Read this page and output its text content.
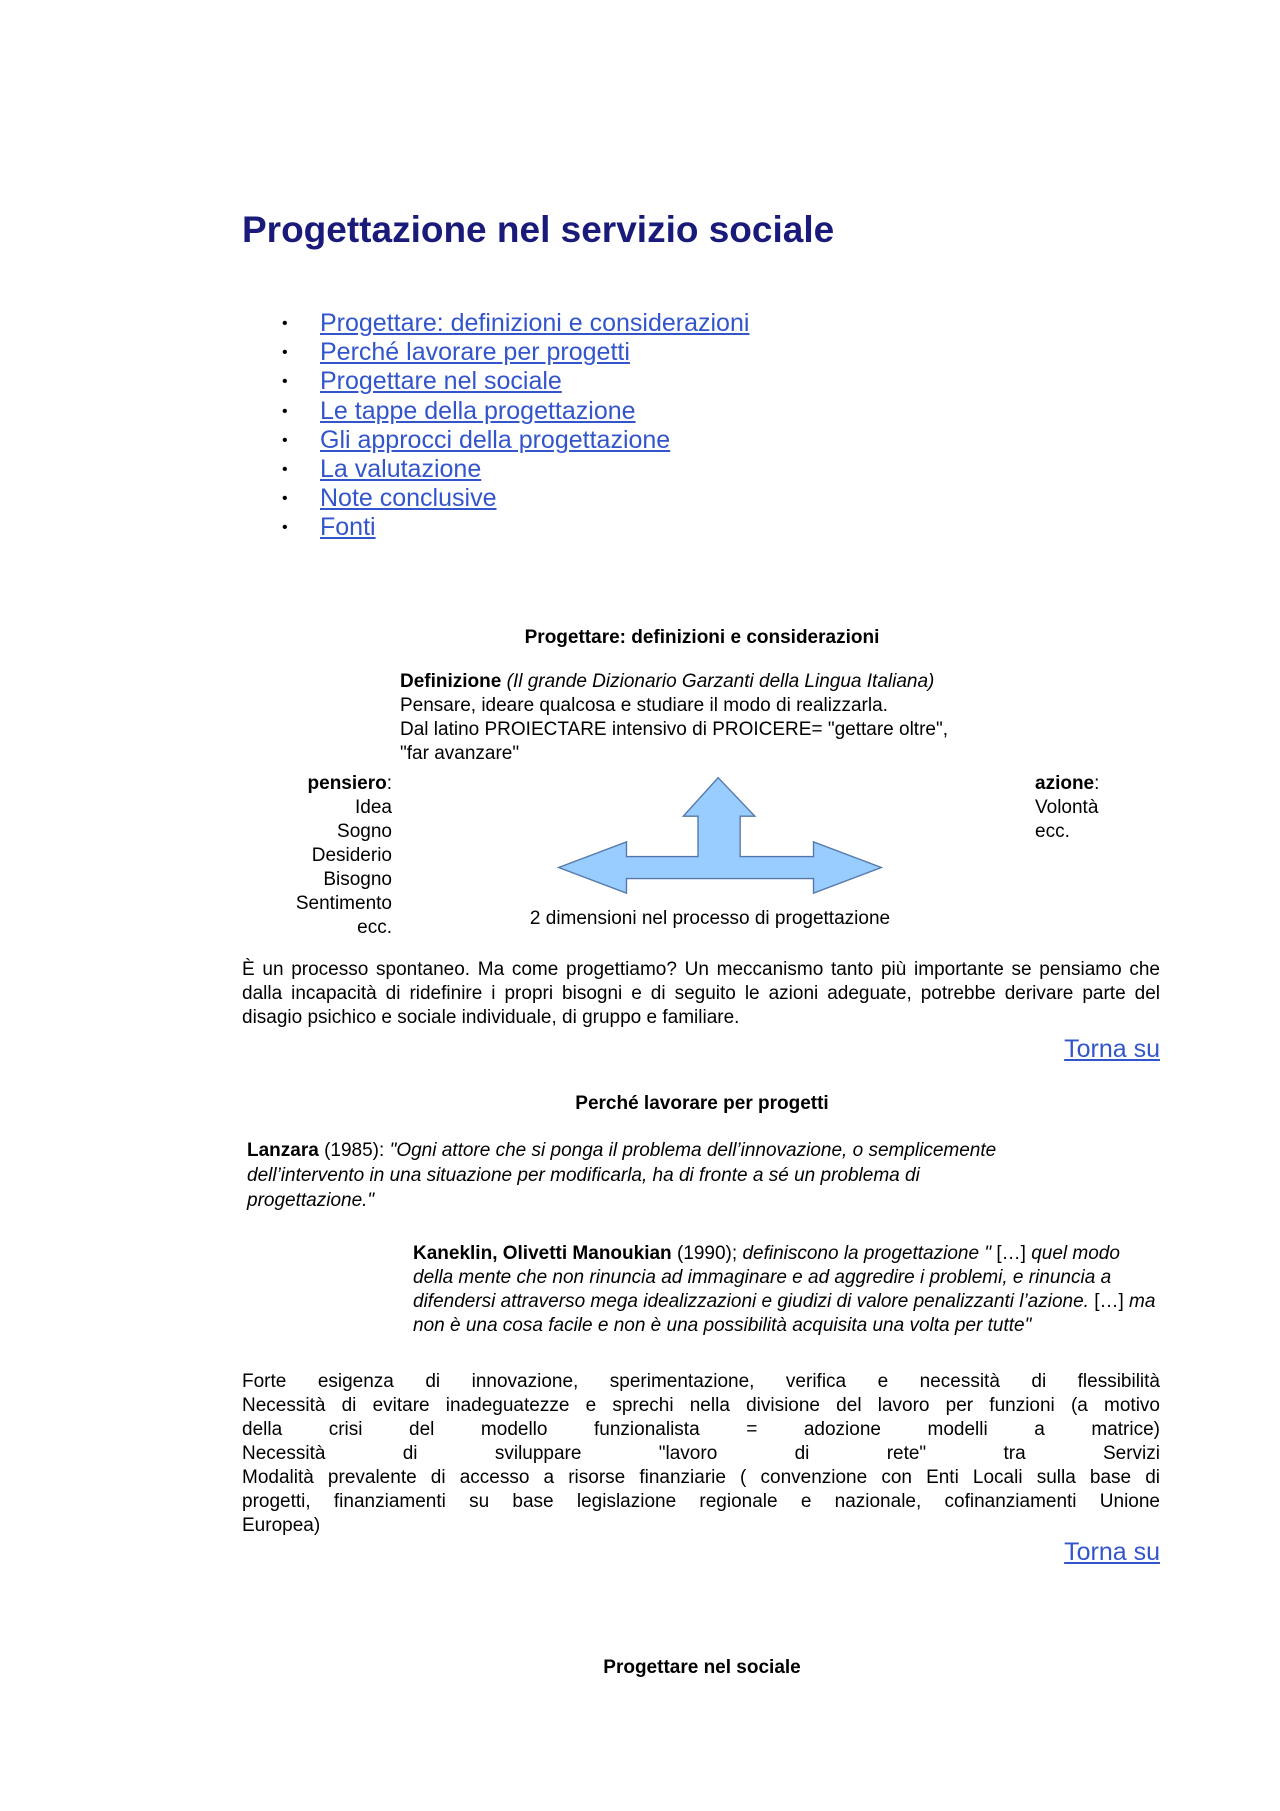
Progettazione nel servizio sociale
• Progettare: definizioni e considerazioni
• Perché lavorare per progetti
• Progettare nel sociale
• Le tappe della progettazione
• Gli approcci della progettazione
• La valutazione
• Note conclusive
• Fonti
Progettare: definizioni e considerazioni
Definizione (Il grande Dizionario Garzanti della Lingua Italiana)
Pensare, ideare qualcosa e studiare il modo di realizzarla.
Dal latino PROIECTARE intensivo di PROICERE= "gettare oltre",
"far avanzare"
pensiero:
Idea
Sogno
Desiderio
Bisogno
Sentimento
ecc.
azione:
Volontà
ecc.
2 dimensioni nel processo di progettazione
È un processo spontaneo. Ma come progettiamo? Un meccanismo tanto più importante se pensiamo che dalla incapacità di ridefinire i propri bisogni e di seguito le azioni adeguate, potrebbe derivare parte del disagio psichico e sociale individuale, di gruppo e familiare.
Torna su
Perché lavorare per progetti
Lanzara (1985): "Ogni attore che si ponga il problema dell’innovazione, o semplicemente dell’intervento in una situazione per modificarla, ha di fronte a sé un problema di progettazione."
Kaneklin, Olivetti Manoukian (1990); definiscono la progettazione " […] quel modo della mente che non rinuncia ad immaginare e ad aggredire i problemi, e rinuncia a difendersi attraverso mega idealizzazioni e giudizi di valore penalizzanti l’azione. […] ma non è una cosa facile e non è una possibilità acquisita una volta per tutte"
Forte esigenza di innovazione, sperimentazione, verifica e necessità di flessibilità
Necessità di evitare inadeguatezze e sprechi nella divisione del lavoro per funzioni (a motivo
della crisi del modello funzionalista = adozione modelli a matrice)
Necessità di sviluppare "lavoro di rete" tra Servizi
Modalità prevalente di accesso a risorse finanziarie ( convenzione con Enti Locali sulla base di
progetti, finanziamenti su base legislazione regionale e nazionale, cofinanziamenti Unione
Europea)
Torna su
Progettare nel sociale
